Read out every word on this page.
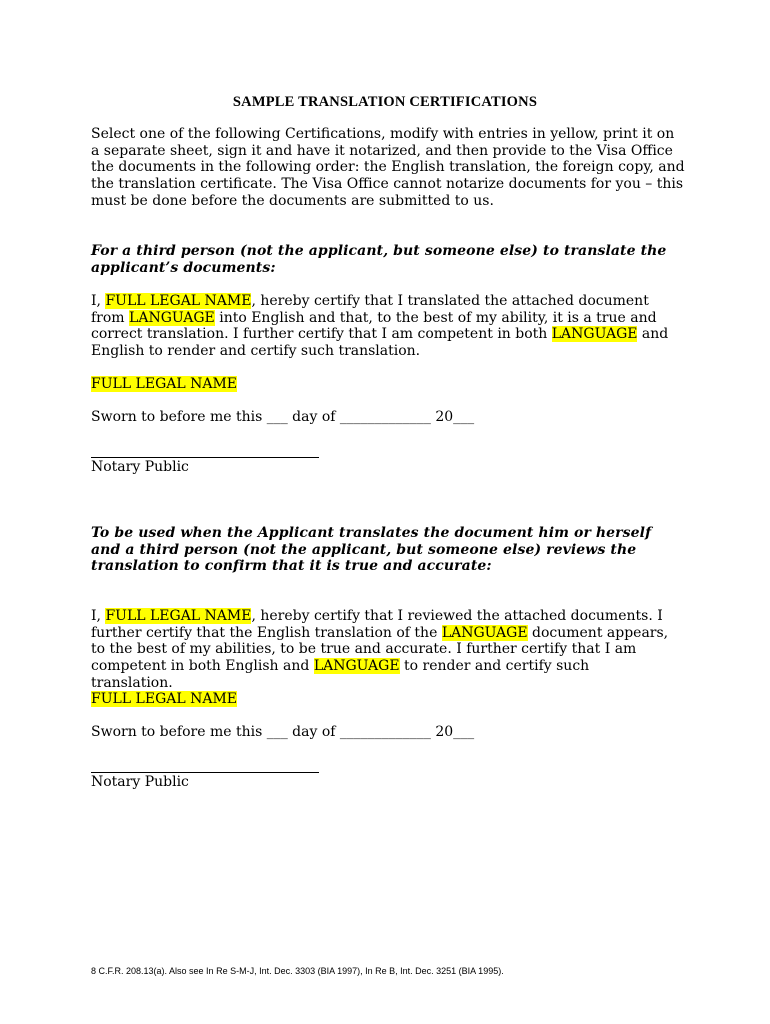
SAMPLE TRANSLATION CERTIFICATIONS
Select one of the following Certifications, modify with entries in yellow, print it on a separate sheet, sign it and have it notarized, and then provide to the Visa Office the documents in the following order: the English translation, the foreign copy, and the translation certificate. The Visa Office cannot notarize documents for you – this must be done before the documents are submitted to us.
For a third person (not the applicant, but someone else) to translate the applicant’s documents:
I, FULL LEGAL NAME, hereby certify that I translated the attached document from LANGUAGE into English and that, to the best of my ability, it is a true and correct translation. I further certify that I am competent in both LANGUAGE and English to render and certify such translation.
FULL LEGAL NAME
Sworn to before me this ___ day of _____________ 20___
Notary Public
To be used when the Applicant translates the document him or herself and a third person (not the applicant, but someone else) reviews the translation to confirm that it is true and accurate:
I, FULL LEGAL NAME, hereby certify that I reviewed the attached documents. I further certify that the English translation of the LANGUAGE document appears, to the best of my abilities, to be true and accurate. I further certify that I am competent in both English and LANGUAGE to render and certify such translation.
FULL LEGAL NAME
Sworn to before me this ___ day of _____________ 20___
Notary Public
8 C.F.R. 208.13(a). Also see In Re S-M-J, Int. Dec. 3303 (BIA 1997), In Re B, Int. Dec. 3251 (BIA 1995).
